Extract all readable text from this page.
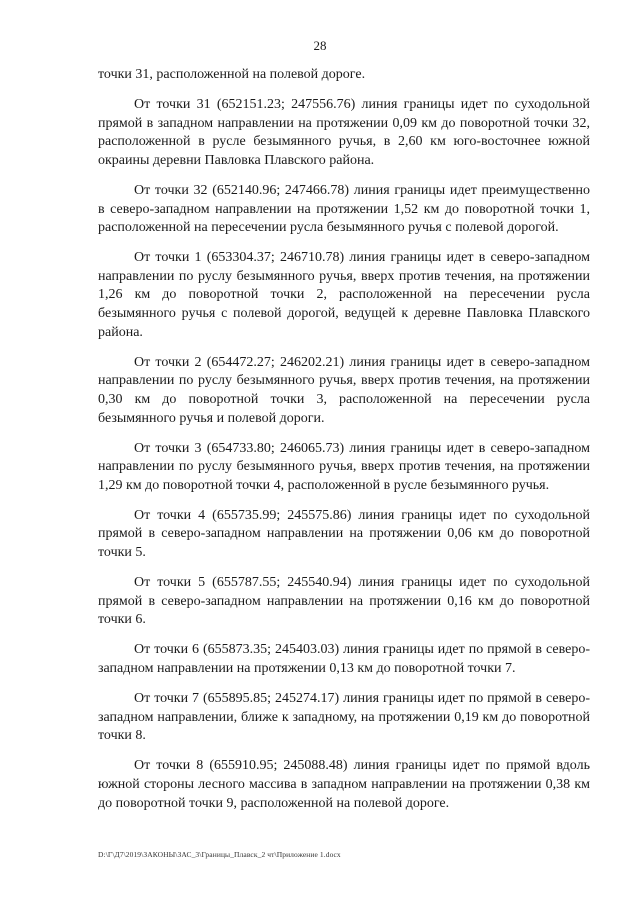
28

точки 31, расположенной на полевой дороге.

От точки 31 (652151.23; 247556.76) линия границы идет по суходольной прямой в западном направлении на протяжении 0,09 км до поворотной точки 32, расположенной в русле безымянного ручья, в 2,60 км юго-восточнее южной окраины деревни Павловка Плавского района.

От точки 32 (652140.96; 247466.78) линия границы идет преимущественно в северо-западном направлении на протяжении 1,52 км до поворотной точки 1, расположенной на пересечении русла безымянного ручья с полевой дорогой.

От точки 1 (653304.37; 246710.78) линия границы идет в северо-западном направлении по руслу безымянного ручья, вверх против течения, на протяжении 1,26 км до поворотной точки 2, расположенной на пересечении русла безымянного ручья с полевой дорогой, ведущей к деревне Павловка Плавского района.

От точки 2 (654472.27; 246202.21) линия границы идет в северо-западном направлении по руслу безымянного ручья, вверх против течения, на протяжении 0,30 км до поворотной точки 3, расположенной на пересечении русла безымянного ручья и полевой дороги.

От точки 3 (654733.80; 246065.73) линия границы идет в северо-западном направлении по руслу безымянного ручья, вверх против течения, на протяжении 1,29 км до поворотной точки 4, расположенной в русле безымянного ручья.

От точки 4 (655735.99; 245575.86) линия границы идет по суходольной прямой в северо-западном направлении на протяжении 0,06 км до поворотной точки 5.

От точки 5 (655787.55; 245540.94) линия границы идет по суходольной прямой в северо-западном направлении на протяжении 0,16 км до поворотной точки 6.

От точки 6 (655873.35; 245403.03) линия границы идет по прямой в северо-западном направлении на протяжении 0,13 км до поворотной точки 7.

От точки 7 (655895.85; 245274.17) линия границы идет по прямой в северо-западном направлении, ближе к западному, на протяжении 0,19 км до поворотной точки 8.

От точки 8 (655910.95; 245088.48) линия границы идет по прямой вдоль южной стороны лесного массива в западном направлении на протяжении 0,38 км до поворотной точки 9, расположенной на полевой дороге.

D:\Г\Д7\2019\ЗАКОНЫ\ЗАС_3\Границы_Плавск_2 чт\Приложение 1.docx
